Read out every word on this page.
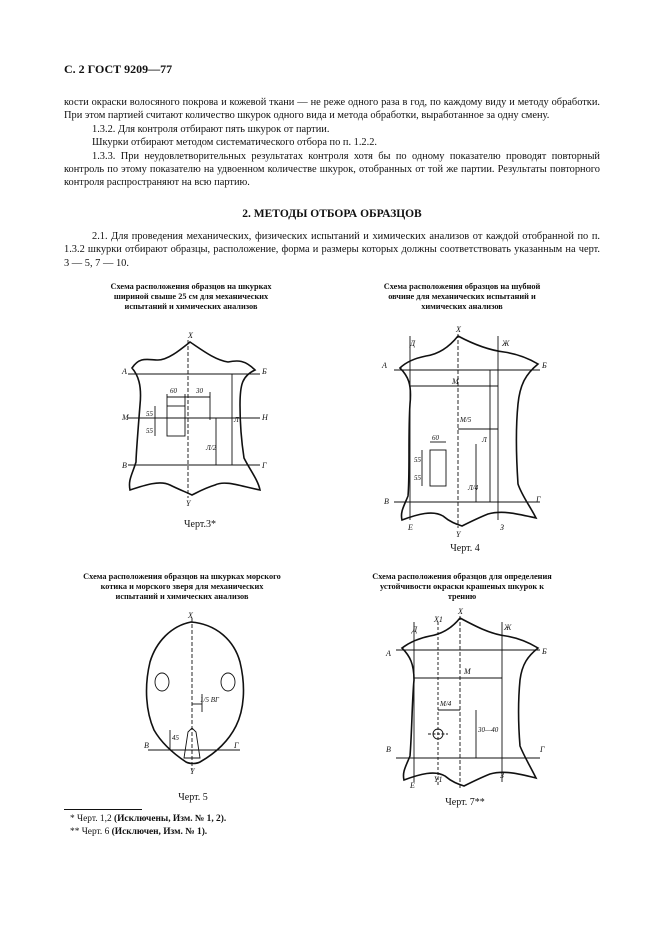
С. 2 ГОСТ 9209—77

кости окраски волосяного покрова и кожевой ткани — не реже одного раза в год, по каждому виду и методу обработки. При этом партией считают количество шкурок одного вида и метода обработки, выработанное за одну смену.

1.3.2. Для контроля отбирают пять шкурок от партии.

Шкурки отбирают методом систематического отбора по п. 1.2.2.

1.3.3. При неудовлетворительных результатах контроля хотя бы по одному показателю проводят повторный контроль по этому показателю на удвоенном количестве шкурок, отобранных от той же партии. Результаты повторного контроля распространяют на всю партию.

2. МЕТОДЫ ОТБОРА ОБРАЗЦОВ

2.1. Для проведения механических, физических испытаний и химических анализов от каждой отобранной по п. 1.3.2 шкурки отбирают образцы, расположение, форма и размеры которых должны соответствовать указанным на черт. 3 — 5, 7 — 10.

Схема расположения образцов на шкурках шириной свыше 25 см для механических испытаний и химических анализов
X
Y
A	Б
M	H
B	Г
60	30
55
55
Л
Л/2
Черт.3*
Схема расположения образцов на шубной овчине для механических испытаний и химических анализов
X
Y
A	Б
Д	Ж
B	Г
E	З
M
M/5
60
55
55
Л
Л/4
Черт. 4
Схема расположения образцов на шкурках морского котика и морского зверя для механических испытаний и химических анализов
X
Y
B	Г
1/5 ВГ
45
Черт. 5
Схема расположения образцов для определения устойчивости окраски крашеных шкурок к трению
X
X1
Y1
A	Б
Д	Ж
B	Г
E
З
M
M/4
30—40
Черт. 7**
* Черт. 1,2 (Исключены, Изм. № 1, 2).
** Черт. 6 (Исключен, Изм. № 1).
